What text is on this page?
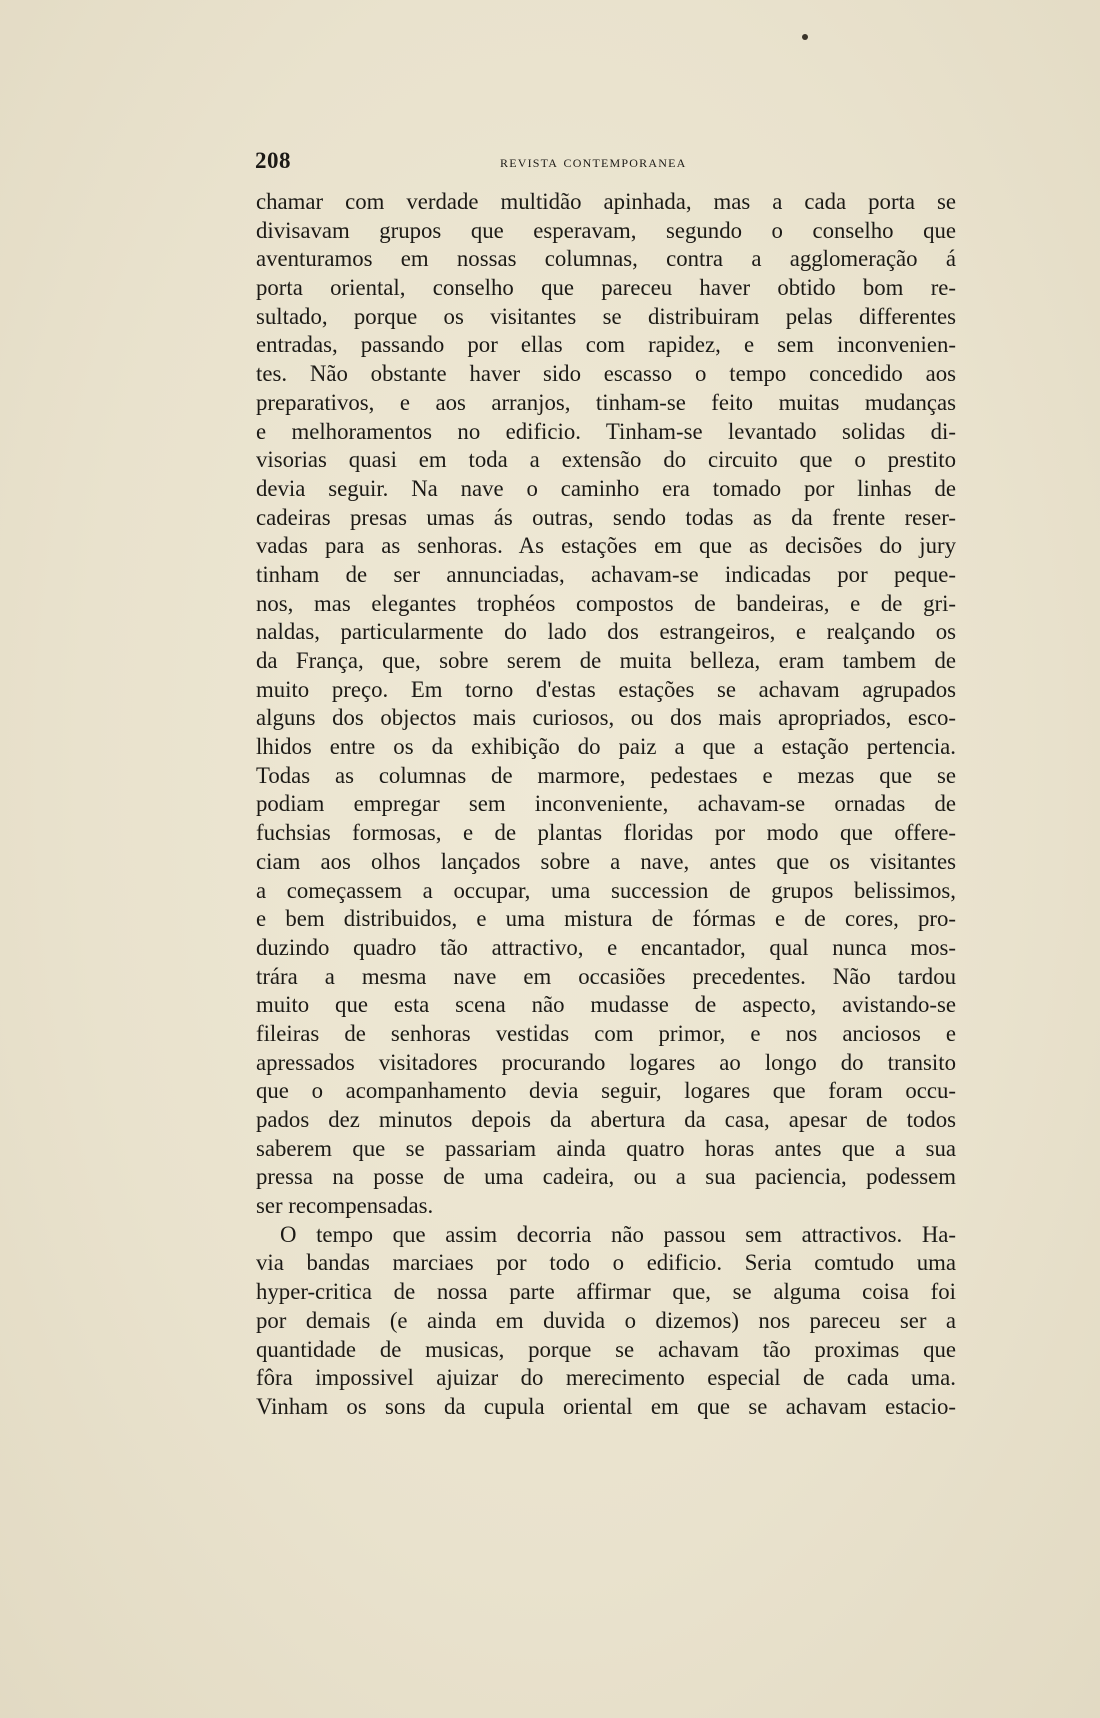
208	revista contemporanea
chamar com verdade multidão apinhada, mas a cada porta se
divisavam grupos que esperavam, segundo o conselho que
aventuramos em nossas columnas, contra a agglomeração á
porta oriental, conselho que pareceu haver obtido bom re-
sultado, porque os visitantes se distribuiram pelas differentes
entradas, passando por ellas com rapidez, e sem inconvenien-
tes. Não obstante haver sido escasso o tempo concedido aos
preparativos, e aos arranjos, tinham-se feito muitas mudanças
e melhoramentos no edificio. Tinham-se levantado solidas di-
visorias quasi em toda a extensão do circuito que o prestito
devia seguir. Na nave o caminho era tomado por linhas de
cadeiras presas umas ás outras, sendo todas as da frente reser-
vadas para as senhoras. As estações em que as decisões do jury
tinham de ser annunciadas, achavam-se indicadas por peque-
nos, mas elegantes trophéos compostos de bandeiras, e de gri-
naldas, particularmente do lado dos estrangeiros, e realçando os
da França, que, sobre serem de muita belleza, eram tambem de
muito preço. Em torno d'estas estações se achavam agrupados
alguns dos objectos mais curiosos, ou dos mais apropriados, esco-
lhidos entre os da exhibição do paiz a que a estação pertencia.
Todas as columnas de marmore, pedestaes e mezas que se
podiam empregar sem inconveniente, achavam-se ornadas de
fuchsias formosas, e de plantas floridas por modo que offere-
ciam aos olhos lançados sobre a nave, antes que os visitantes
a começassem a occupar, uma succession de grupos belissimos,
e bem distribuidos, e uma mistura de fórmas e de cores, pro-
duzindo quadro tão attractivo, e encantador, qual nunca mos-
trára a mesma nave em occasiões precedentes. Não tardou
muito que esta scena não mudasse de aspecto, avistando-se
fileiras de senhoras vestidas com primor, e nos anciosos e
apressados visitadores procurando logares ao longo do transito
que o acompanhamento devia seguir, logares que foram occu-
pados dez minutos depois da abertura da casa, apesar de todos
saberem que se passariam ainda quatro horas antes que a sua
pressa na posse de uma cadeira, ou a sua paciencia, podessem
ser recompensadas.
O tempo que assim decorria não passou sem attractivos. Ha-
via bandas marciaes por todo o edificio. Seria comtudo uma
hyper-critica de nossa parte affirmar que, se alguma coisa foi
por demais (e ainda em duvida o dizemos) nos pareceu ser a
quantidade de musicas, porque se achavam tão proximas que
fôra impossivel ajuizar do merecimento especial de cada uma.
Vinham os sons da cupula oriental em que se achavam estacio-
